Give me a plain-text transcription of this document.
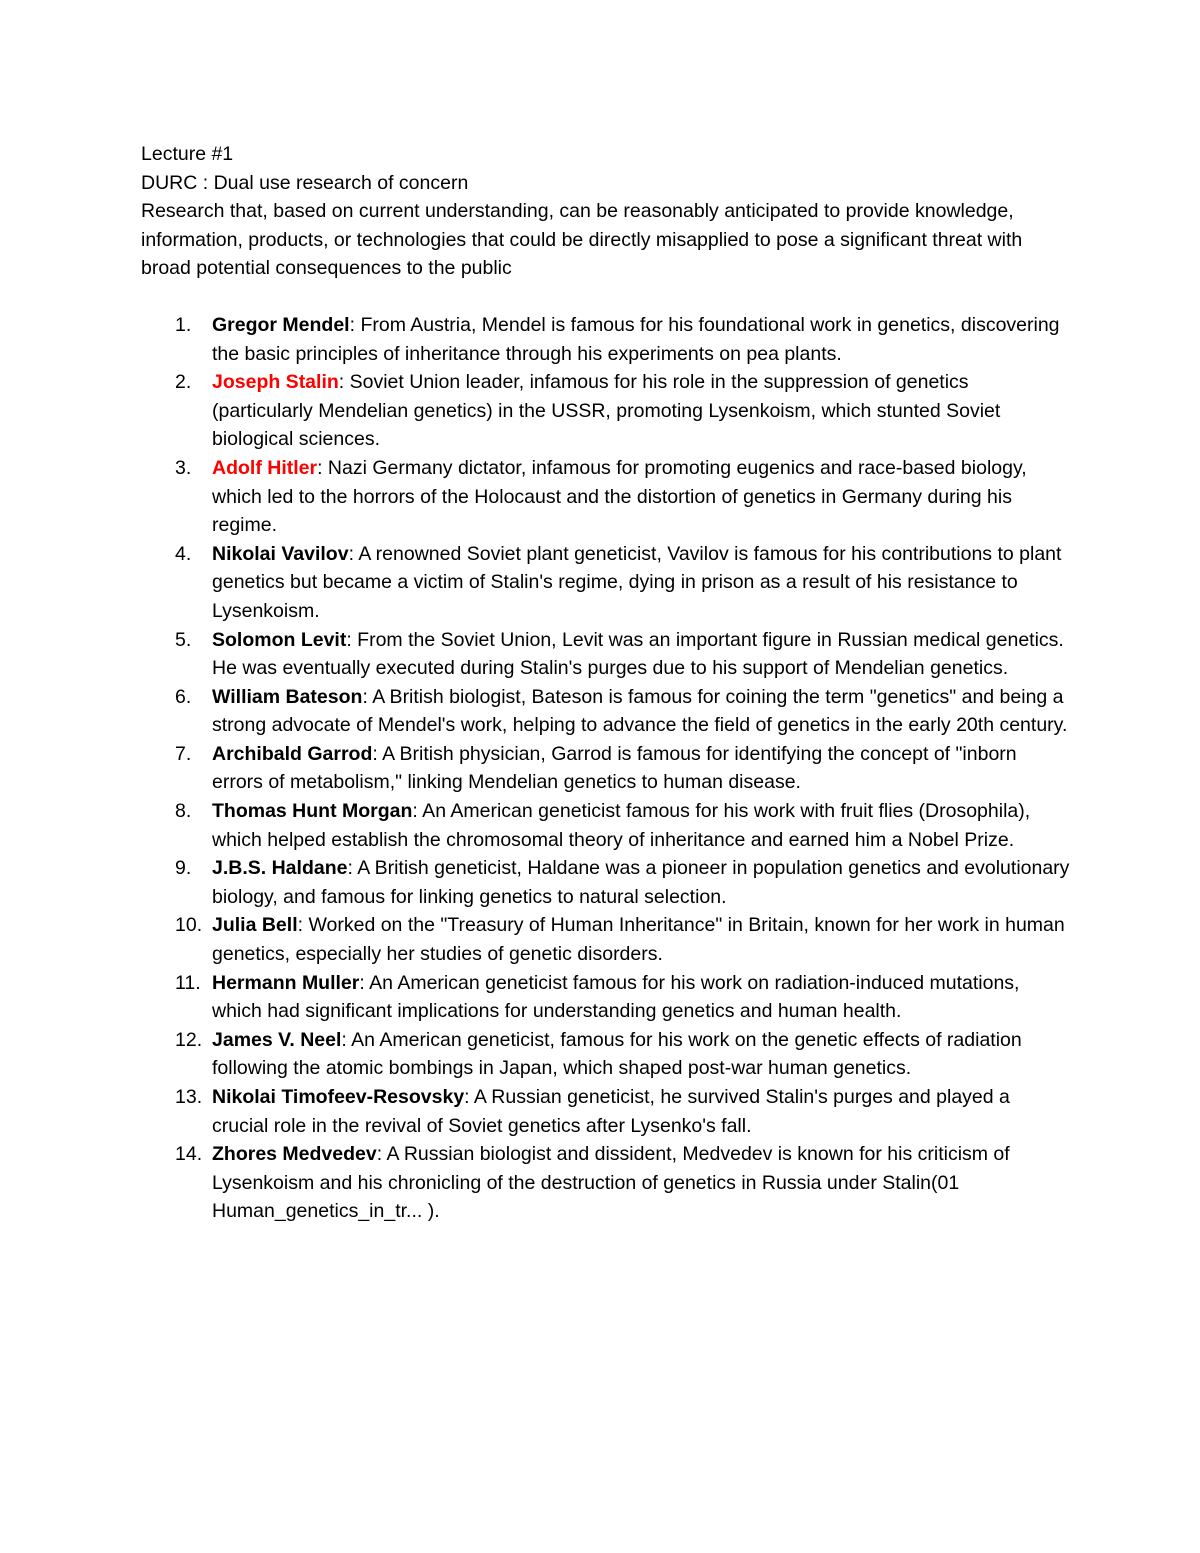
Lecture #1

DURC : Dual use research of concern

Research that, based on current understanding, can be reasonably anticipated to provide knowledge, information, products, or technologies that could be directly misapplied to pose a significant threat with broad potential consequences to the public

1. Gregor Mendel: From Austria, Mendel is famous for his foundational work in genetics, discovering the basic principles of inheritance through his experiments on pea plants.
2. Joseph Stalin: Soviet Union leader, infamous for his role in the suppression of genetics (particularly Mendelian genetics) in the USSR, promoting Lysenkoism, which stunted Soviet biological sciences.
3. Adolf Hitler: Nazi Germany dictator, infamous for promoting eugenics and race-based biology, which led to the horrors of the Holocaust and the distortion of genetics in Germany during his regime.
4. Nikolai Vavilov: A renowned Soviet plant geneticist, Vavilov is famous for his contributions to plant genetics but became a victim of Stalin's regime, dying in prison as a result of his resistance to Lysenkoism.
5. Solomon Levit: From the Soviet Union, Levit was an important figure in Russian medical genetics. He was eventually executed during Stalin's purges due to his support of Mendelian genetics.
6. William Bateson: A British biologist, Bateson is famous for coining the term "genetics" and being a strong advocate of Mendel's work, helping to advance the field of genetics in the early 20th century.
7. Archibald Garrod: A British physician, Garrod is famous for identifying the concept of "inborn errors of metabolism," linking Mendelian genetics to human disease.
8. Thomas Hunt Morgan: An American geneticist famous for his work with fruit flies (Drosophila), which helped establish the chromosomal theory of inheritance and earned him a Nobel Prize.
9. J.B.S. Haldane: A British geneticist, Haldane was a pioneer in population genetics and evolutionary biology, and famous for linking genetics to natural selection.
10. Julia Bell: Worked on the "Treasury of Human Inheritance" in Britain, known for her work in human genetics, especially her studies of genetic disorders.
11. Hermann Muller: An American geneticist famous for his work on radiation-induced mutations, which had significant implications for understanding genetics and human health.
12. James V. Neel: An American geneticist, famous for his work on the genetic effects of radiation following the atomic bombings in Japan, which shaped post-war human genetics.
13. Nikolai Timofeev-Resovsky: A Russian geneticist, he survived Stalin's purges and played a crucial role in the revival of Soviet genetics after Lysenko's fall.
14. Zhores Medvedev: A Russian biologist and dissident, Medvedev is known for his criticism of Lysenkoism and his chronicling of the destruction of genetics in Russia under Stalin(01 Human_genetics_in_tr... ).
